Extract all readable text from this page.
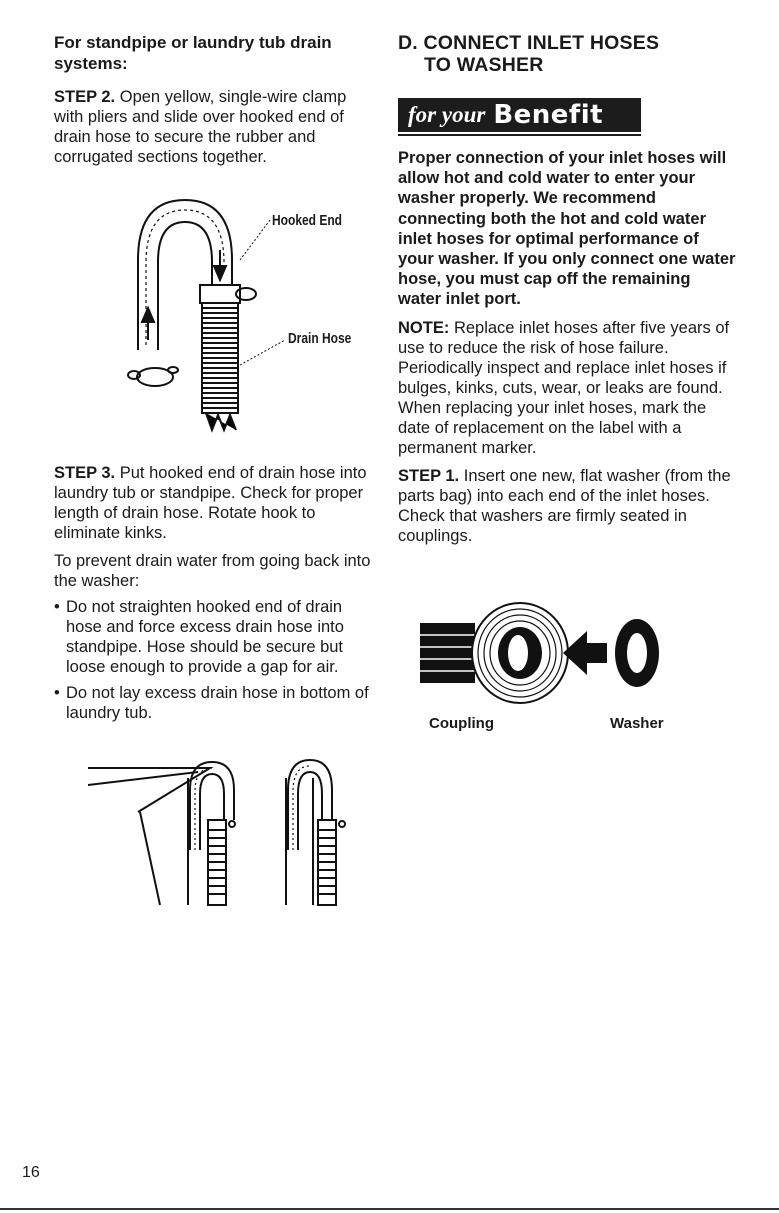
For standpipe or laundry tub drain systems:

STEP 2. Open yellow, single-wire clamp with pliers and slide over hooked end of drain hose to secure the rubber and corrugated sections together.

Hooked End
Drain Hose

STEP 3. Put hooked end of drain hose into laundry tub or standpipe. Check for proper length of drain hose. Rotate hook to eliminate kinks.

To prevent drain water from going back into the washer:

• Do not straighten hooked end of drain hose and force excess drain hose into standpipe. Hose should be secure but loose enough to provide a gap for air.
• Do not lay excess drain hose in bottom of laundry tub.

D. CONNECT INLET HOSES
TO WASHER

for your Benefit

Proper connection of your inlet hoses will allow hot and cold water to enter your washer properly. We recommend connecting both the hot and cold water inlet hoses for optimal performance of your washer. If you only connect one water hose, you must cap off the remaining water inlet port.

NOTE: Replace inlet hoses after five years of use to reduce the risk of hose failure. Periodically inspect and replace inlet hoses if bulges, kinks, cuts, wear, or leaks are found. When replacing your inlet hoses, mark the date of replacement on the label with a permanent marker.

STEP 1. Insert one new, flat washer (from the parts bag) into each end of the inlet hoses. Check that washers are firmly seated in couplings.

Coupling	Washer
16
